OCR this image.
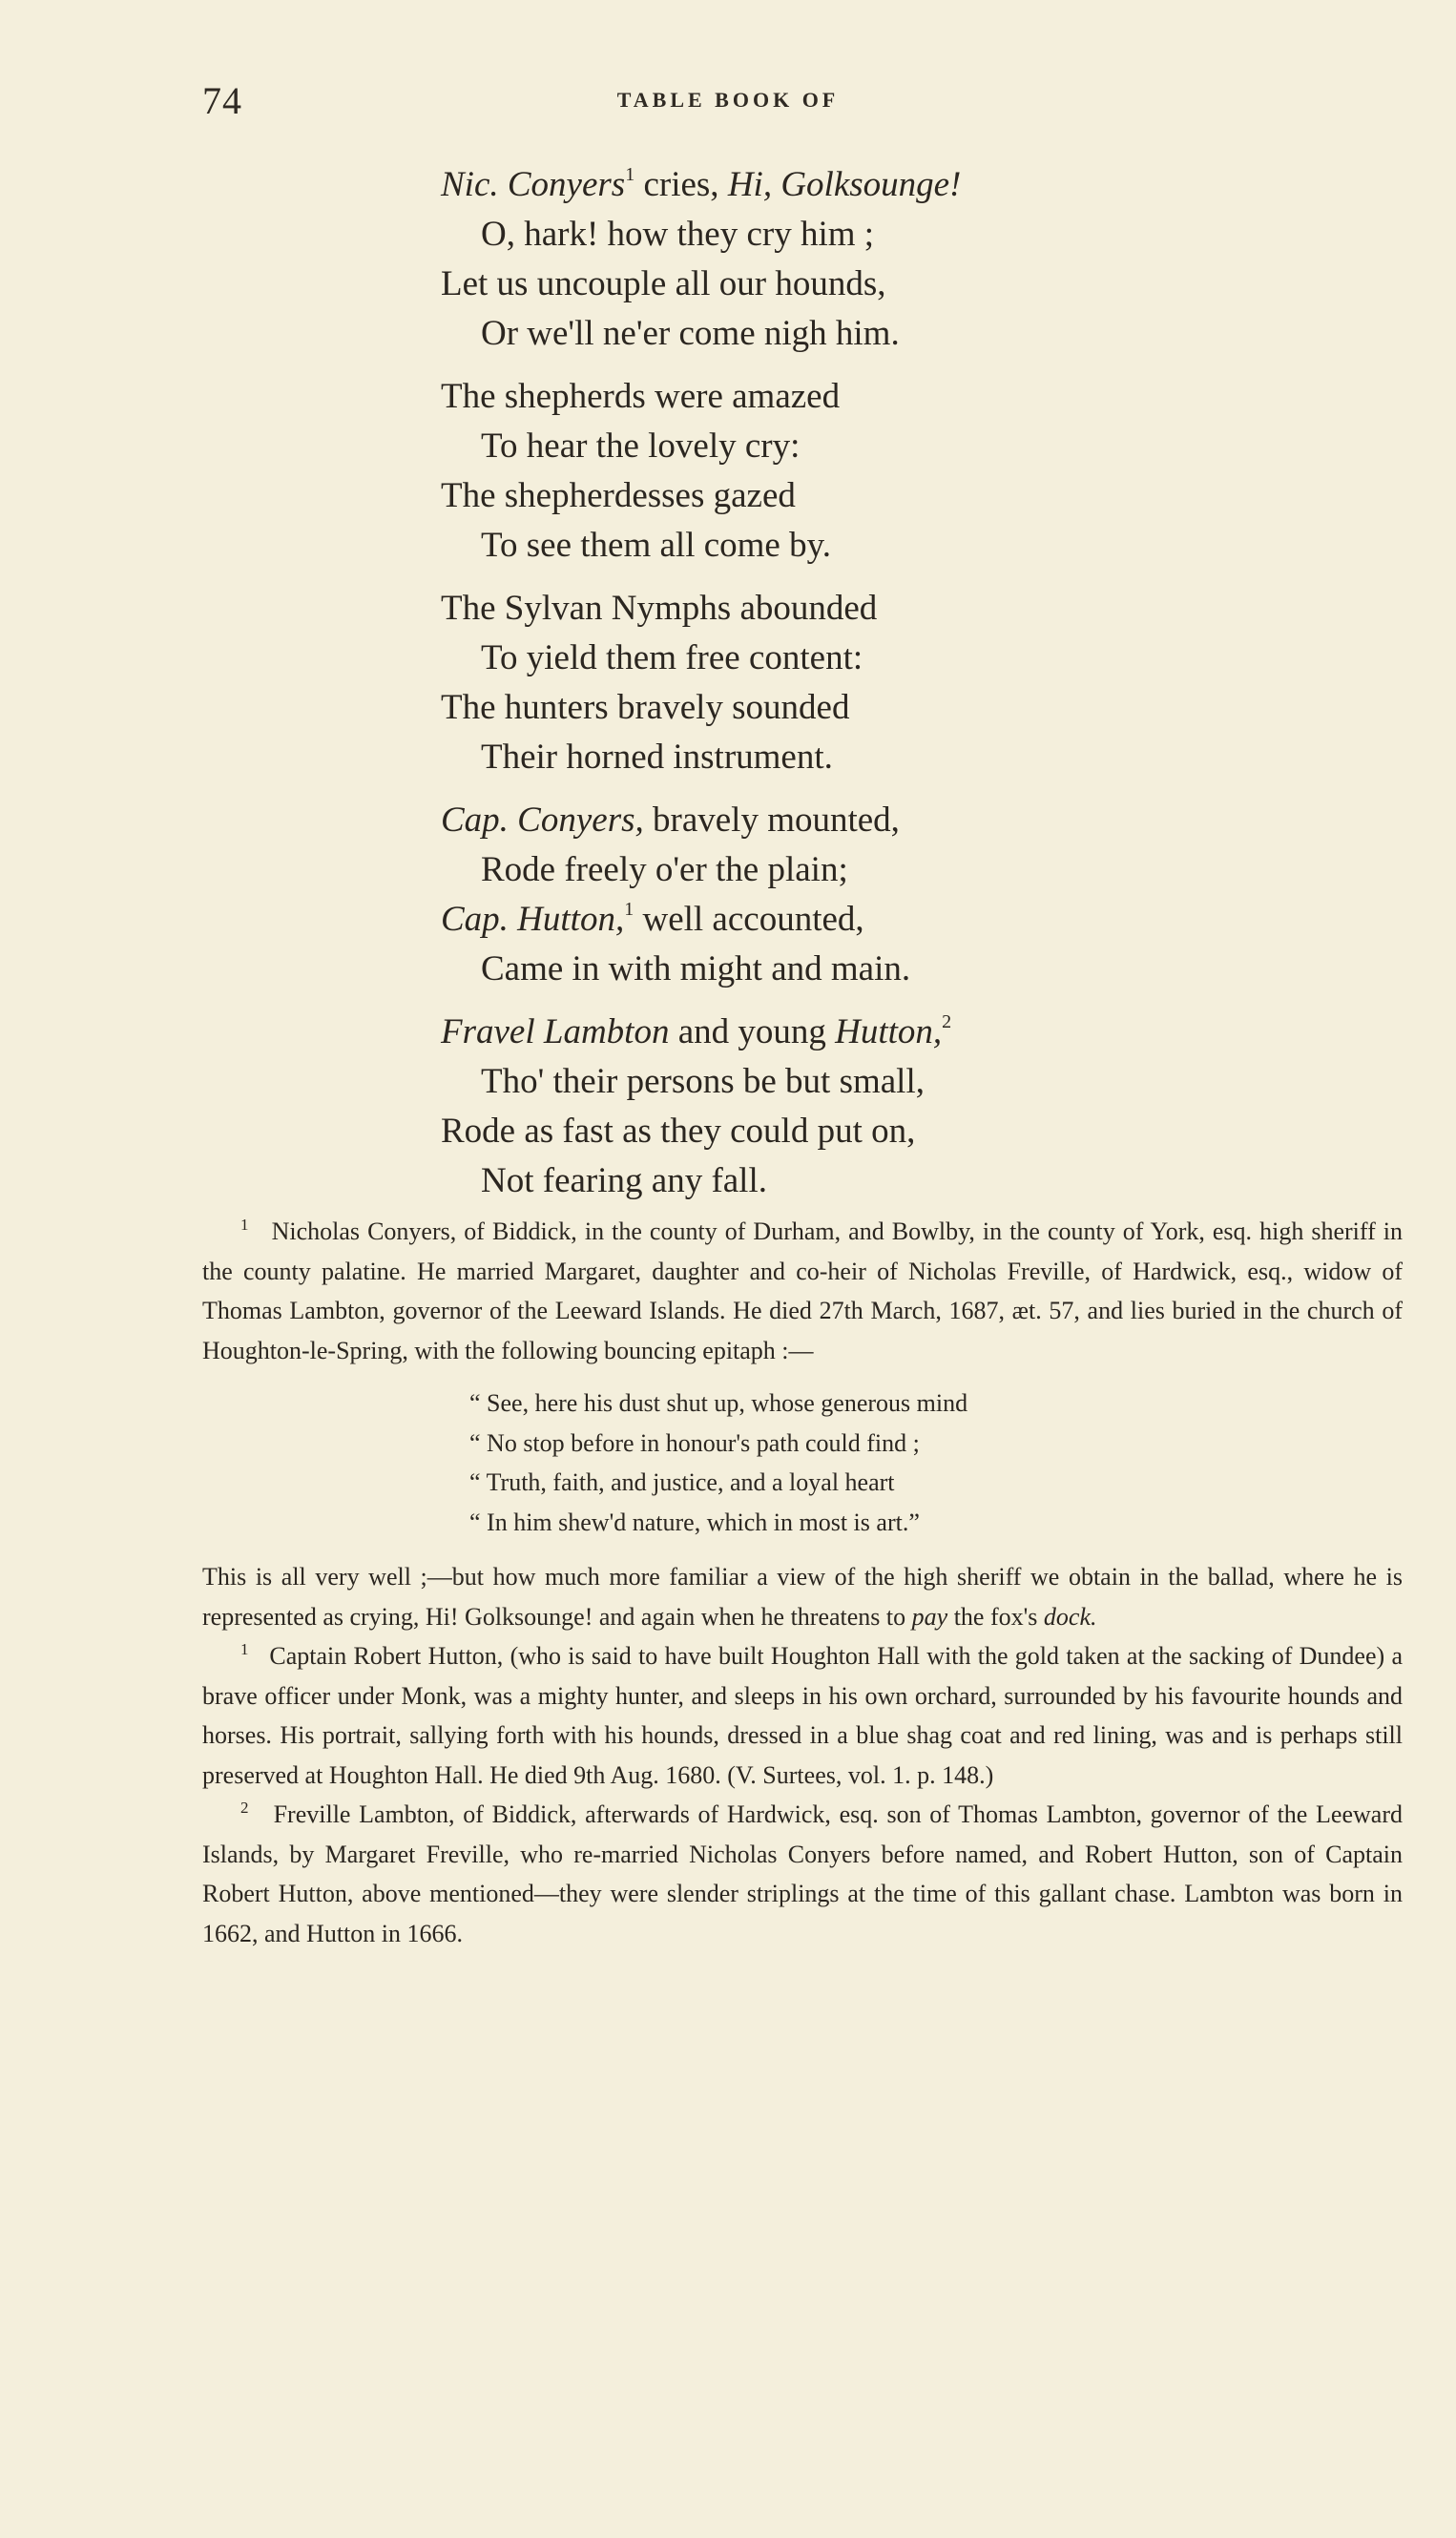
74	TABLE BOOK OF
Nic. Conyers$^1$ cries, Hi, Golksounge!
O, hark! how they cry him ;
Let us uncouple all our hounds,
Or we'll ne'er come nigh him.
The shepherds were amazed
To hear the lovely cry:
The shepherdesses gazed
To see them all come by.
The Sylvan Nymphs abounded
To yield them free content:
The hunters bravely sounded
Their horned instrument.
Cap. Conyers, bravely mounted,
Rode freely o'er the plain;
Cap. Hutton,$^1$ well accounted,
Came in with might and main.
Fravel Lambton and young Hutton,$^2$
Tho' their persons be but small,
Rode as fast as they could put on,
Not fearing any fall.

$^1$ Nicholas Conyers, of Biddick, in the county of Durham, and Bowlby, in the county of York, esq. high sheriff in the county palatine. He married Margaret, daughter and co-heir of Nicholas Freville, of Hardwick, esq., widow of Thomas Lambton, governor of the Leeward Islands. He died 27th March, 1687, æt. 57, and lies buried in the church of Houghton-le-Spring, with the following bouncing epitaph :—

“ See, here his dust shut up, whose generous mind
“ No stop before in honour's path could find ;
“ Truth, faith, and justice, and a loyal heart
“ In him shew'd nature, which in most is art.”

This is all very well ;—but how much more familiar a view of the high sheriff we obtain in the ballad, where he is represented as crying, Hi! Golksounge! and again when he threatens to pay the fox's dock.

$^1$ Captain Robert Hutton, (who is said to have built Houghton Hall with the gold taken at the sacking of Dundee) a brave officer under Monk, was a mighty hunter, and sleeps in his own orchard, surrounded by his favourite hounds and horses. His portrait, sallying forth with his hounds, dressed in a blue shag coat and red lining, was and is perhaps still preserved at Houghton Hall. He died 9th Aug. 1680. (V. Surtees, vol. 1. p. 148.)

$^2$ Freville Lambton, of Biddick, afterwards of Hardwick, esq. son of Thomas Lambton, governor of the Leeward Islands, by Margaret Freville, who re-married Nicholas Conyers before named, and Robert Hutton, son of Captain Robert Hutton, above mentioned—they were slender striplings at the time of this gallant chase. Lambton was born in 1662, and Hutton in 1666.
